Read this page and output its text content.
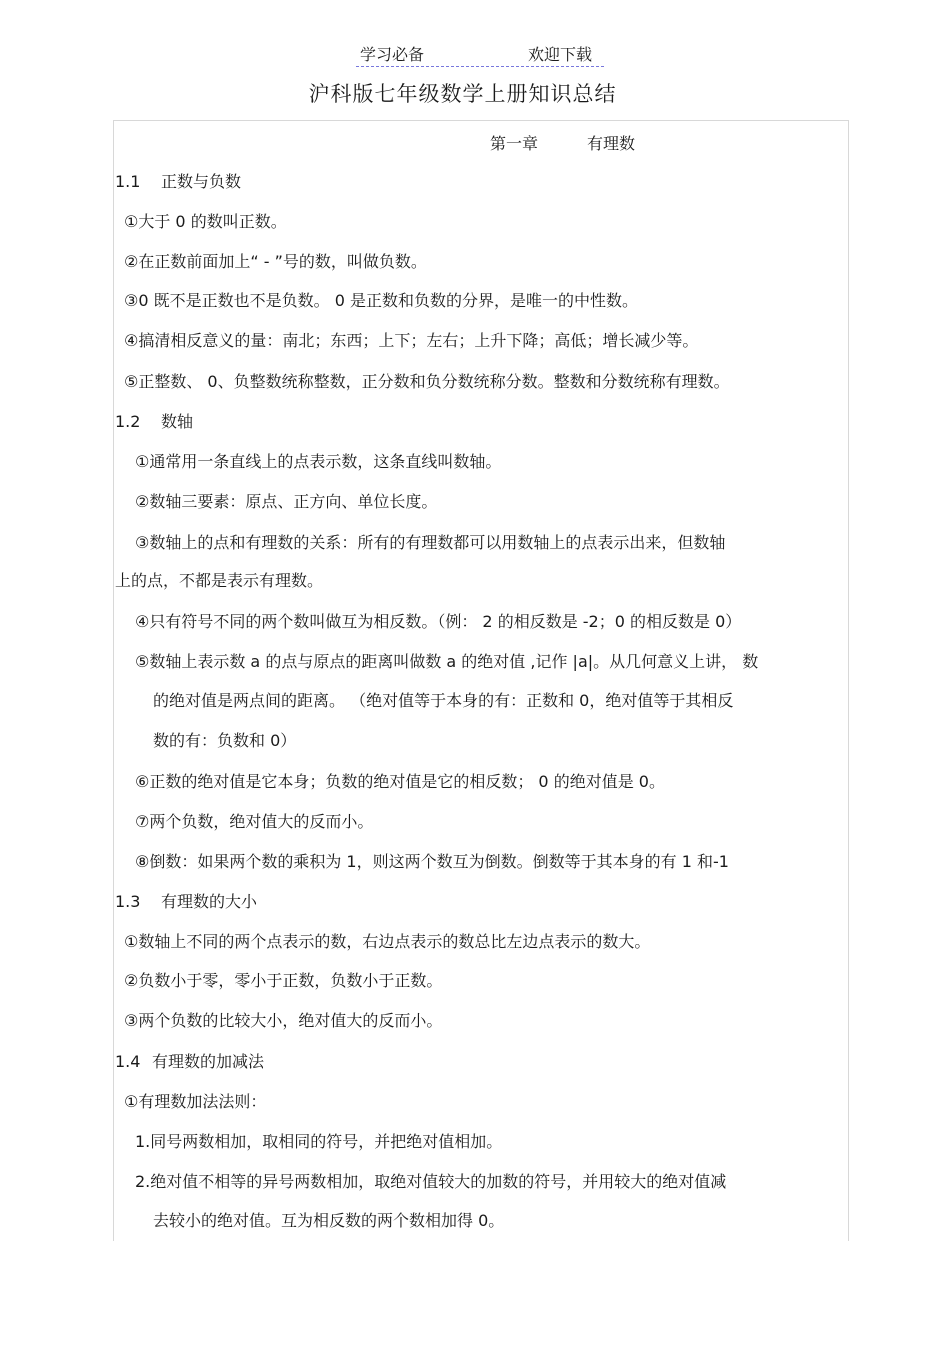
学习必备	欢迎下载
沪科版七年级数学上册知识总结
第一章	有理数
1.1 正数与负数
①大于 0 的数叫正数。
②在正数前面加上“ - ”号的数，叫做负数。
③0 既不是正数也不是负数。 0 是正数和负数的分界，是唯一的中性数。
④搞清相反意义的量：南北；东西；上下；左右；上升下降；高低；增长减少等。
⑤正整数、 0、负整数统称整数，正分数和负分数统称分数。整数和分数统称有理数。
1.2 数轴
①通常用一条直线上的点表示数，这条直线叫数轴。
②数轴三要素：原点、正方向、单位长度。
③数轴上的点和有理数的关系：所有的有理数都可以用数轴上的点表示出来，但数轴
上的点，不都是表示有理数。
④只有符号不同的两个数叫做互为相反数。（例： 2 的相反数是 -2；0 的相反数是 0）
⑤数轴上表示数 a 的点与原点的距离叫做数 a 的绝对值 ,记作 |a|。从几何意义上讲， 数
的绝对值是两点间的距离。 （绝对值等于本身的有：正数和 0，绝对值等于其相反
数的有：负数和 0）
⑥正数的绝对值是它本身；负数的绝对值是它的相反数； 0 的绝对值是 0。
⑦两个负数，绝对值大的反而小。
⑧倒数：如果两个数的乘积为 1，则这两个数互为倒数。倒数等于其本身的有 1 和-1
1.3 有理数的大小
①数轴上不同的两个点表示的数，右边点表示的数总比左边点表示的数大。
②负数小于零，零小于正数，负数小于正数。
③两个负数的比较大小，绝对值大的反而小。
1.4 有理数的加减法
①有理数加法法则：
1.同号两数相加，取相同的符号，并把绝对值相加。
2.绝对值不相等的异号两数相加，取绝对值较大的加数的符号，并用较大的绝对值减
去较小的绝对值。互为相反数的两个数相加得 0。
